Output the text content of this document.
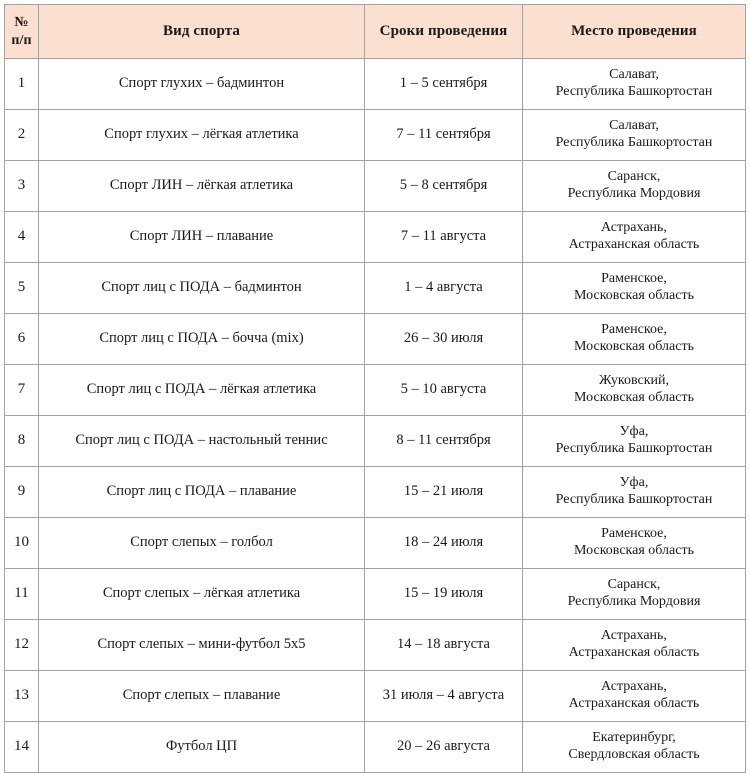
№
п/п	Вид спорта	Сроки проведения	Место проведения
1	Спорт глухих – бадминтон	1 – 5 сентября	Салават,
Республика Башкортостан

2	Спорт глухих – лёгкая атлетика	7 – 11 сентября	Салават,
Республика Башкортостан

3	Спорт ЛИН – лёгкая атлетика	5 – 8 сентября	Саранск,
Республика Мордовия

4	Спорт ЛИН – плавание	7 – 11 августа	Астрахань,
Астраханская область

5	Спорт лиц с ПОДА – бадминтон	1 – 4 августа	Раменское,
Московская область

6	Спорт лиц с ПОДА – бочча (mix)	26 – 30 июля	Раменское,
Московская область

7	Спорт лиц с ПОДА – лёгкая атлетика	5 – 10 августа	Жуковский,
Московская область

8	Спорт лиц с ПОДА – настольный теннис	8 – 11 сентября	Уфа,
Республика Башкортостан

9	Спорт лиц с ПОДА – плавание	15 – 21 июля	Уфа,
Республика Башкортостан

10	Спорт слепых – голбол	18 – 24 июля	Раменское,
Московская область

11	Спорт слепых – лёгкая атлетика	15 – 19 июля	Саранск,
Республика Мордовия

12	Спорт слепых – мини-футбол 5х5	14 – 18 августа	Астрахань,
Астраханская область

13	Спорт слепых – плавание	31 июля – 4 августа	Астрахань,
Астраханская область

14	Футбол ЦП	20 – 26 августа	Екатеринбург,
Свердловская область
